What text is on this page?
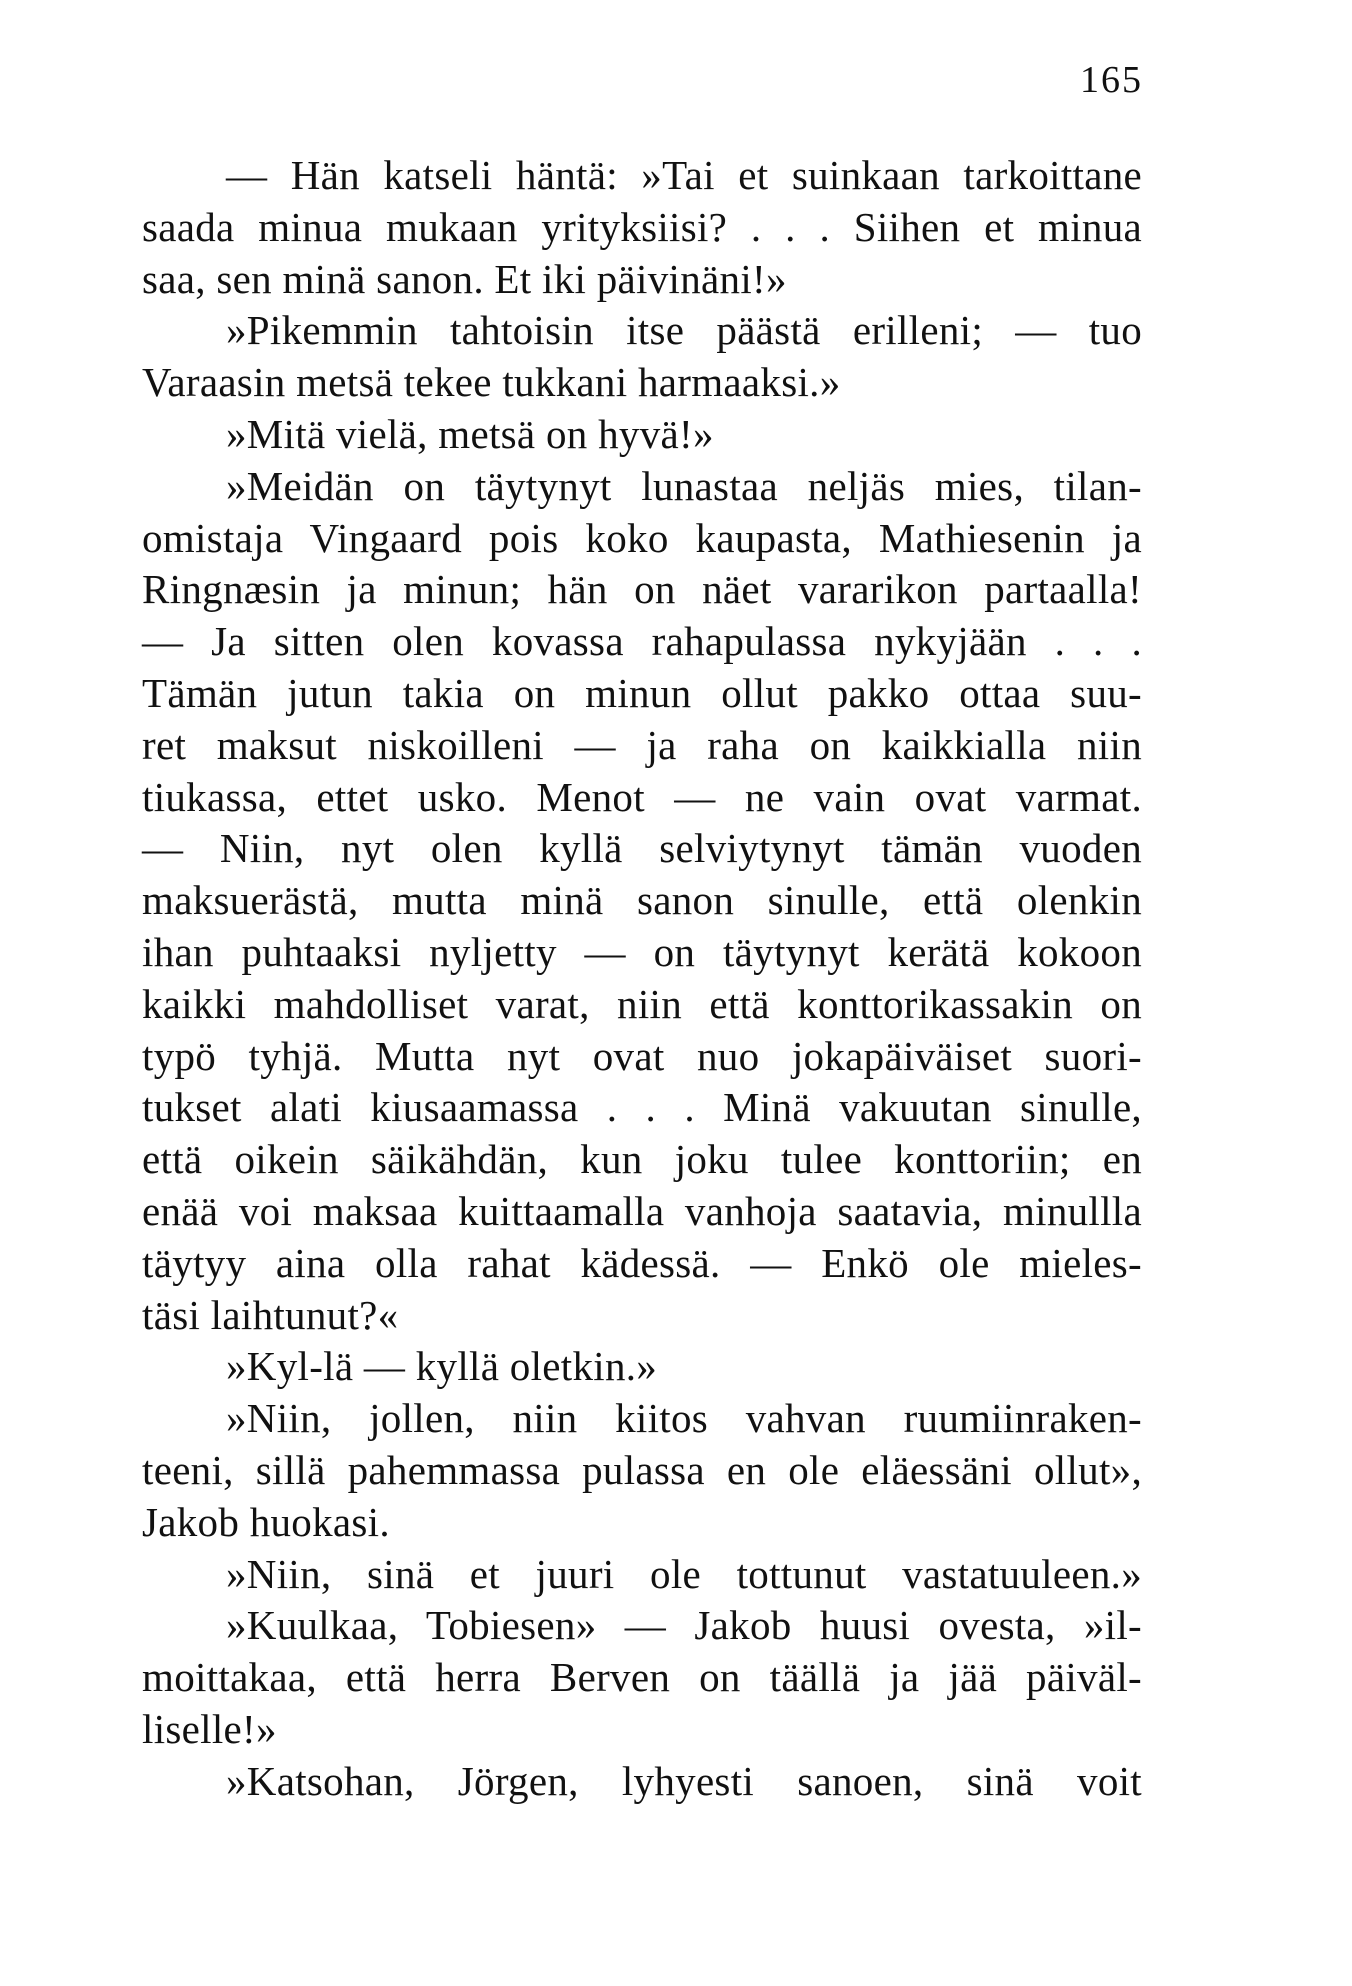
165
— Hän katseli häntä: »Tai et suinkaan tarkoittane
saada minua mukaan yrityksiisi? . . . Siihen et minua
saa, sen minä sanon. Et iki päivinäni!»
»Pikemmin tahtoisin itse päästä erilleni; — tuo
Varaasin metsä tekee tukkani harmaaksi.»
»Mitä vielä, metsä on hyvä!»
»Meidän on täytynyt lunastaa neljäs mies, tilan-
omistaja Vingaard pois koko kaupasta, Mathiesenin ja
Ringnæsin ja minun; hän on näet vararikon partaalla!
— Ja sitten olen kovassa rahapulassa nykyjään . . .
Tämän jutun takia on minun ollut pakko ottaa suu-
ret maksut niskoilleni — ja raha on kaikkialla niin
tiukassa, ettet usko. Menot — ne vain ovat varmat.
— Niin, nyt olen kyllä selviytynyt tämän vuoden
maksuerästä, mutta minä sanon sinulle, että olenkin
ihan puhtaaksi nyljetty — on täytynyt kerätä kokoon
kaikki mahdolliset varat, niin että konttorikassakin on
typö tyhjä. Mutta nyt ovat nuo jokapäiväiset suori-
tukset alati kiusaamassa . . . Minä vakuutan sinulle,
että oikein säikähdän, kun joku tulee konttoriin; en
enää voi maksaa kuittaamalla vanhoja saatavia, minullla
täytyy aina olla rahat kädessä. — Enkö ole mieles-
täsi laihtunut?«
»Kyl-lä — kyllä oletkin.»
»Niin, jollen, niin kiitos vahvan ruumiinraken-
teeni, sillä pahemmassa pulassa en ole eläessäni ollut»,
Jakob huokasi.
»Niin, sinä et juuri ole tottunut vastatuuleen.»
»Kuulkaa, Tobiesen» — Jakob huusi ovesta, »il-
moittakaa, että herra Berven on täällä ja jää päiväl-
liselle!»
»Katsohan, Jörgen, lyhyesti sanoen, sinä voit
